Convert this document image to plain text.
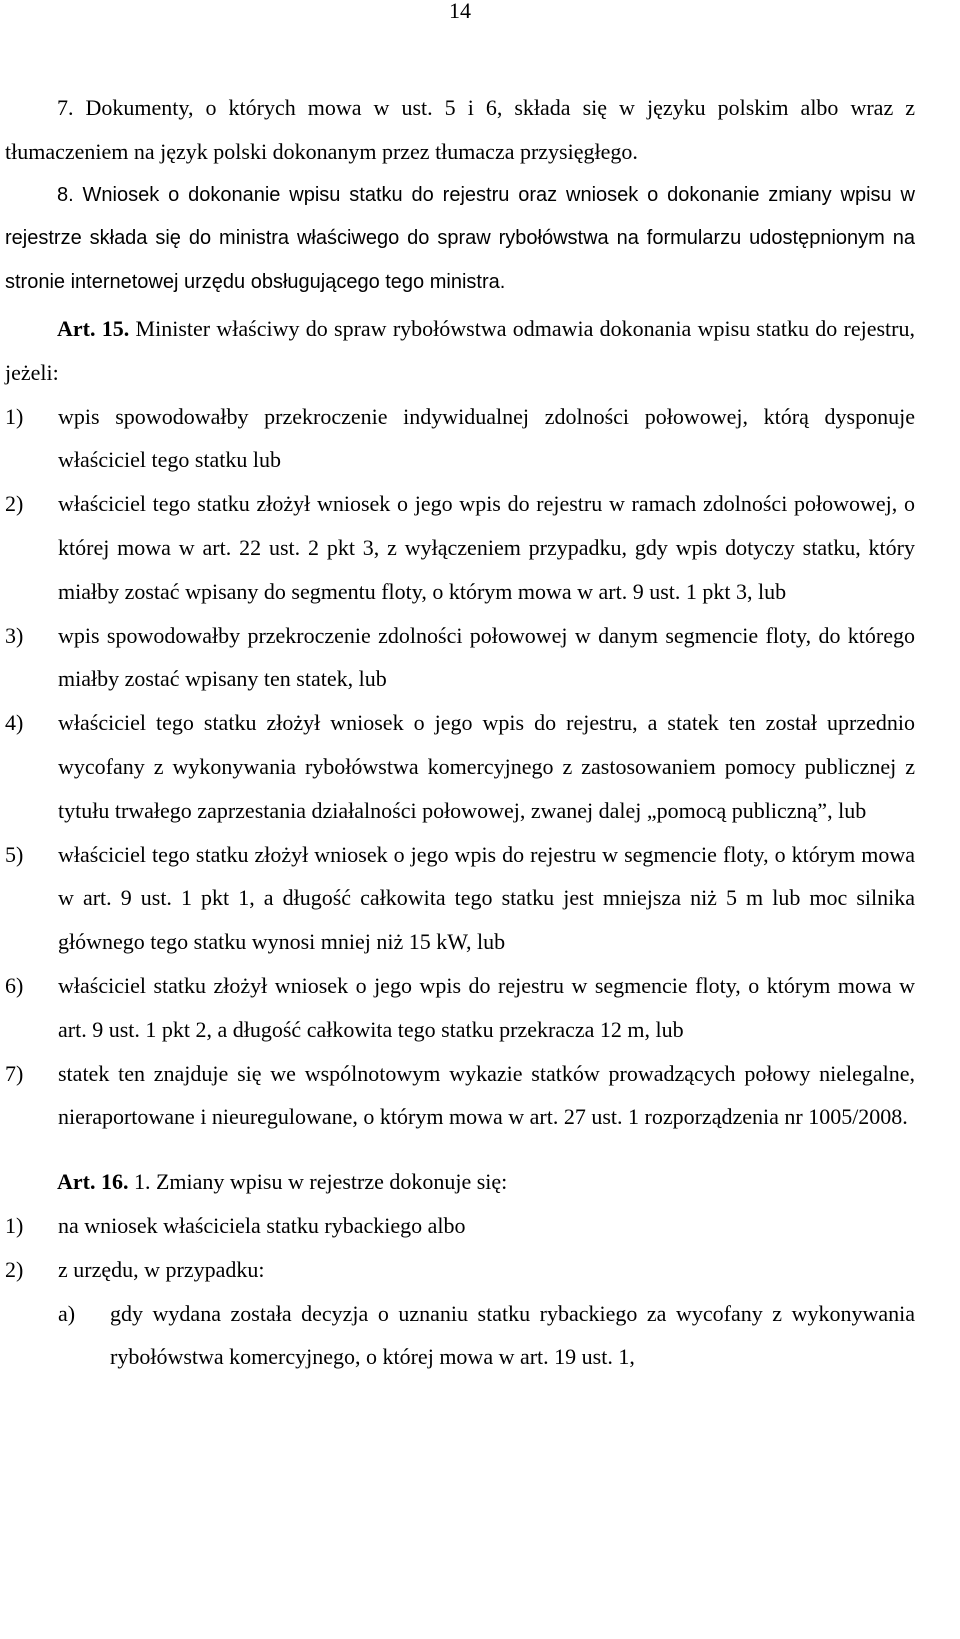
14

7. Dokumenty, o których mowa w ust. 5 i 6, składa się w języku polskim albo wraz z tłumaczeniem na język polski dokonanym przez tłumacza przysięgłego.

8. Wniosek o dokonanie wpisu statku do rejestru oraz wniosek o dokonanie zmiany wpisu w rejestrze składa się do ministra właściwego do spraw rybołówstwa na formularzu udostępnionym na stronie internetowej urzędu obsługującego tego ministra.

Art. 15. Minister właściwy do spraw rybołówstwa odmawia dokonania wpisu statku do rejestru, jeżeli:

1)	wpis spowodowałby przekroczenie indywidualnej zdolności połowowej, którą dysponuje właściciel tego statku lub
2)	właściciel tego statku złożył wniosek o jego wpis do rejestru w ramach zdolności połowowej, o której mowa w art. 22 ust. 2 pkt 3, z wyłączeniem przypadku, gdy wpis dotyczy statku, który miałby zostać wpisany do segmentu floty, o którym mowa w art. 9 ust. 1 pkt 3, lub
3)	wpis spowodowałby przekroczenie zdolności połowowej w danym segmencie floty, do którego miałby zostać wpisany ten statek, lub
4)	właściciel tego statku złożył wniosek o jego wpis do rejestru, a statek ten został uprzednio wycofany z wykonywania rybołówstwa komercyjnego z zastosowaniem pomocy publicznej z tytułu trwałego zaprzestania działalności połowowej, zwanej dalej „pomocą publiczną”, lub
5)	właściciel tego statku złożył wniosek o jego wpis do rejestru w segmencie floty, o którym mowa w art. 9 ust. 1 pkt 1, a długość całkowita tego statku jest mniejsza niż 5 m lub moc silnika głównego tego statku wynosi mniej niż 15 kW, lub
6)	właściciel statku złożył wniosek o jego wpis do rejestru w segmencie floty, o którym mowa w art. 9 ust. 1 pkt 2, a długość całkowita tego statku przekracza 12 m, lub
7)	statek ten znajduje się we wspólnotowym wykazie statków prowadzących połowy nielegalne, nieraportowane i nieuregulowane, o którym mowa w art. 27 ust. 1 rozporządzenia nr 1005/2008.

Art. 16. 1. Zmiany wpisu w rejestrze dokonuje się:

1)	na wniosek właściciela statku rybackiego albo
2)	z urzędu, w przypadku:
a)	gdy wydana została decyzja o uznaniu statku rybackiego za wycofany z wykonywania rybołówstwa komercyjnego, o której mowa w art. 19 ust. 1,
